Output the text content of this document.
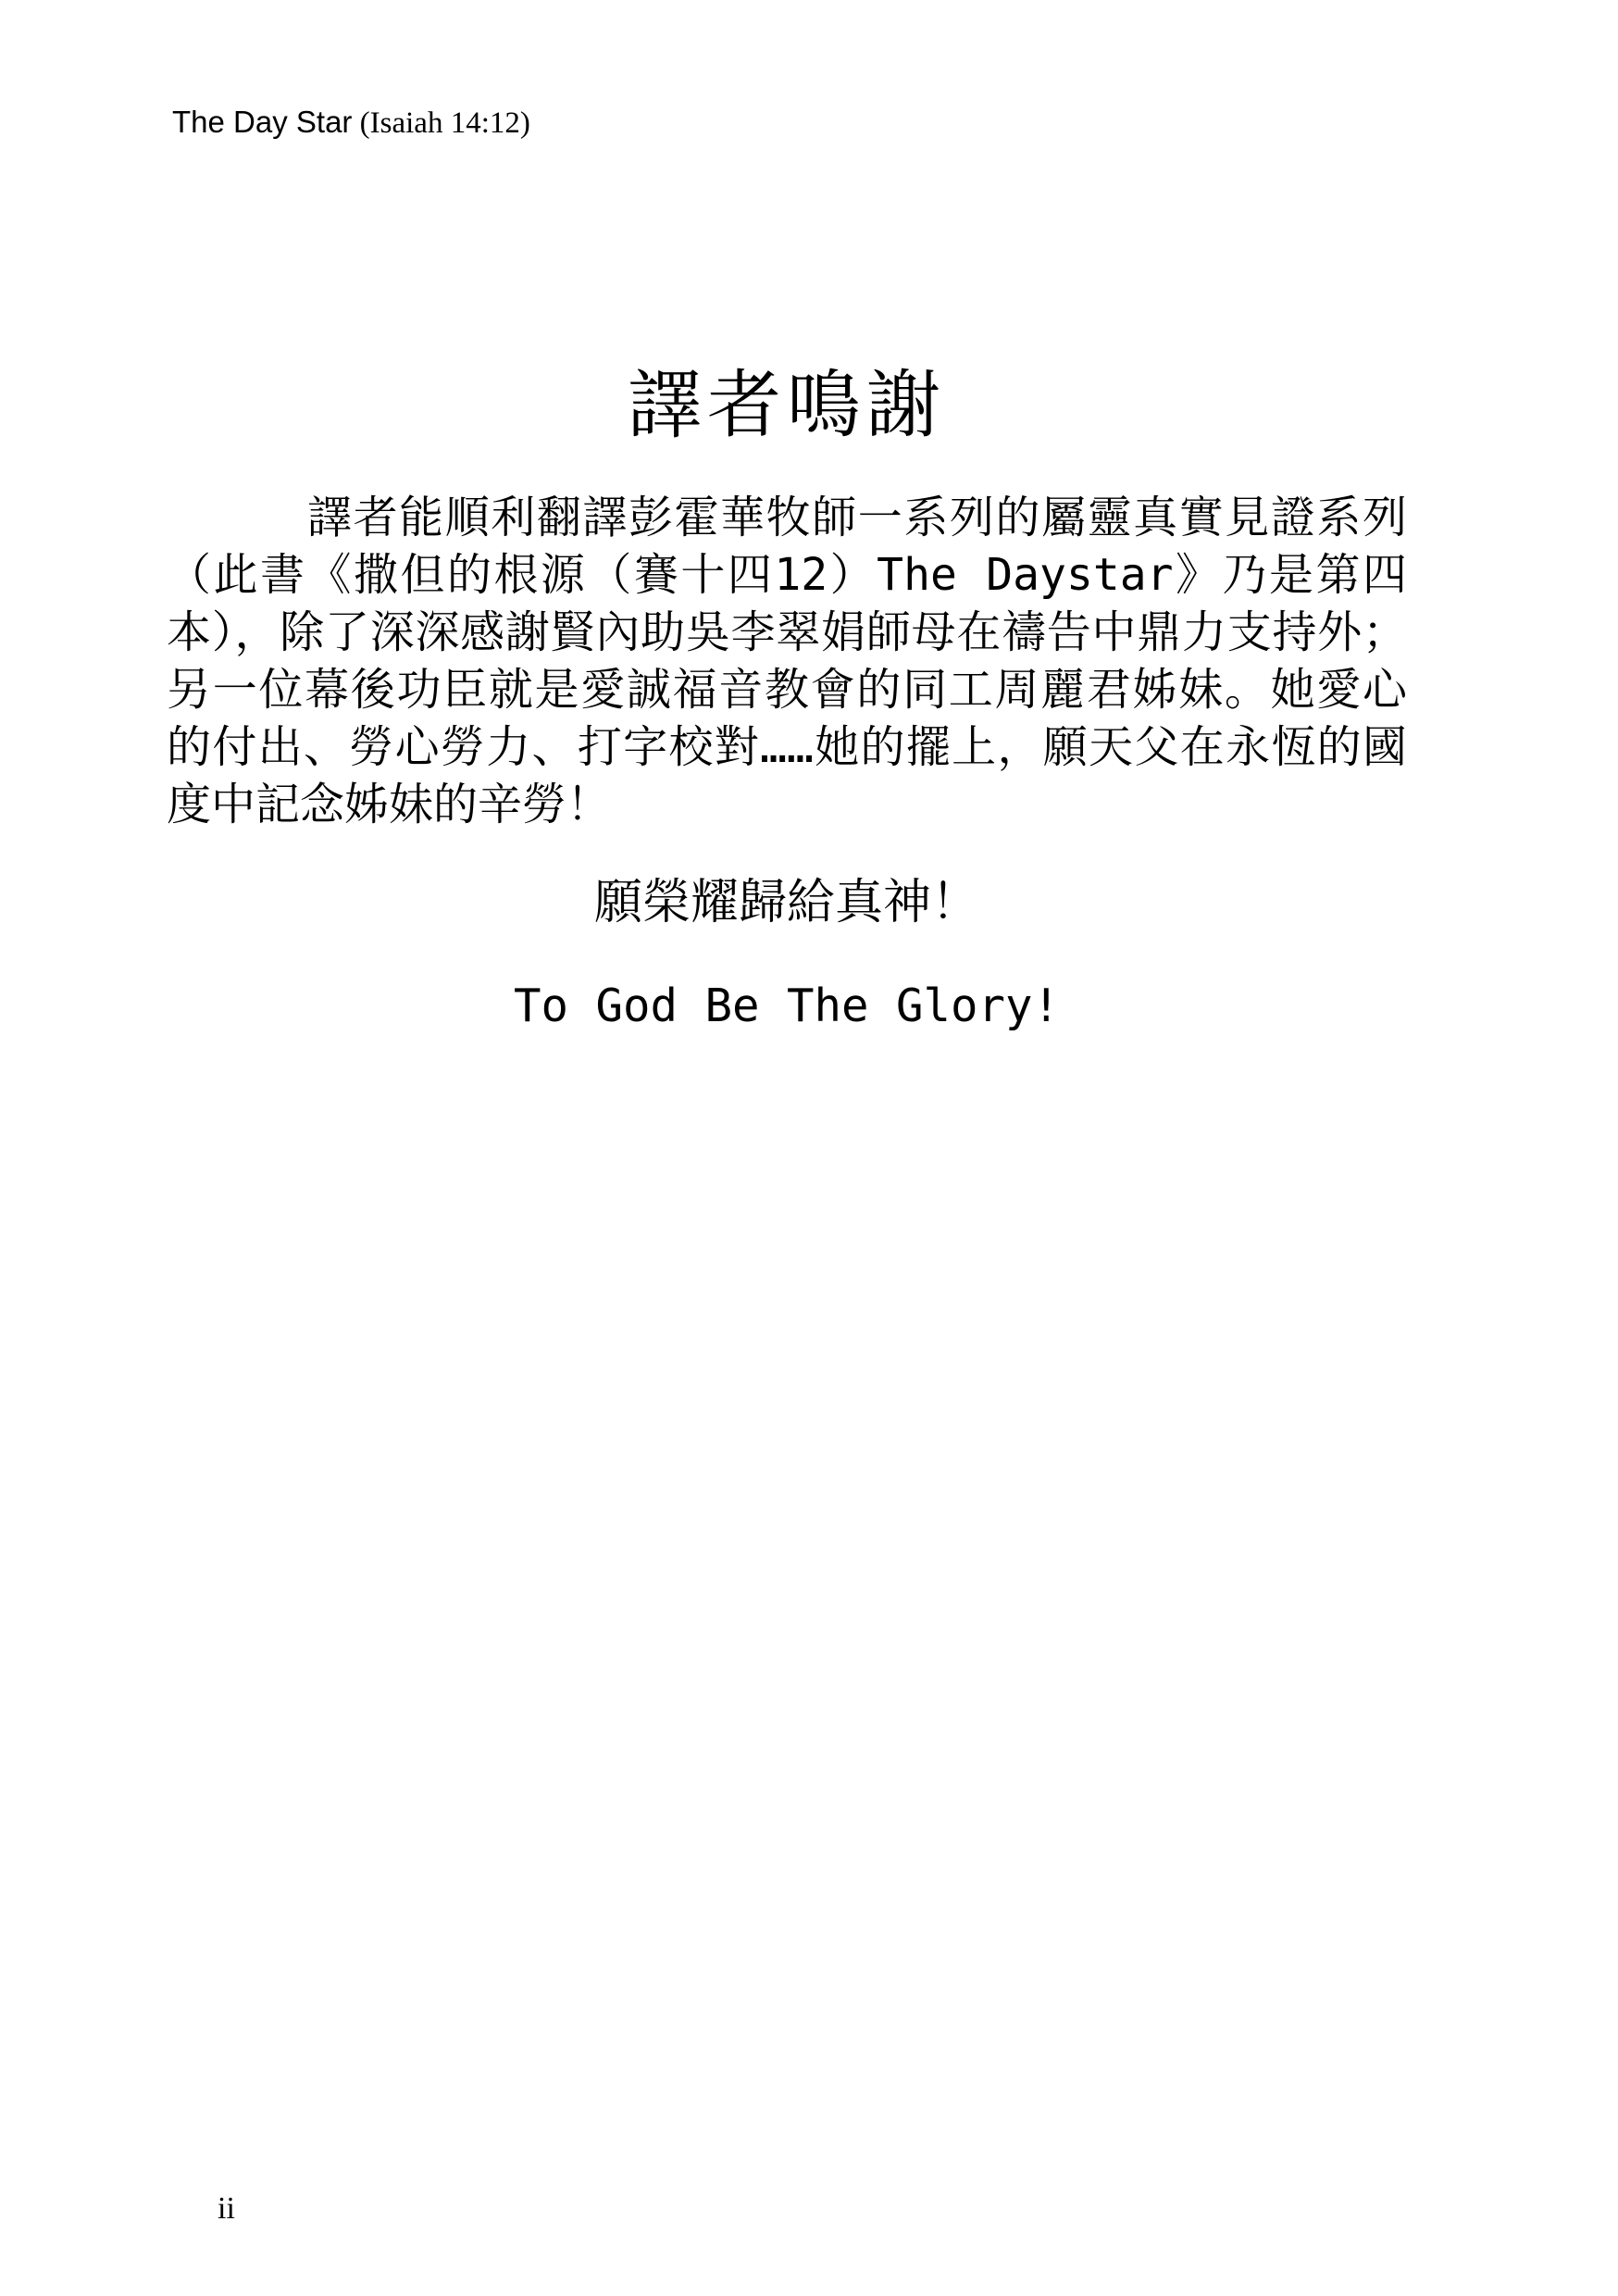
The Day Star (Isaiah 14:12)
譯者鳴謝

譯者能順利翻譯彭霍華牧師一系列的屬靈真實見證系列（此書《撒但的根源（賽十四12）The Daystar》乃是第四本），除了深深感謝賢內助吳李翠娟師母在禱告中鼎力支持外；另一位幕後功臣就是愛誠福音教會的同工周麗君姊妹。她愛心的付出、勞心勞力、打字校對……她的擺上，願天父在永恆的國度中記念姊妹的辛勞！

願榮耀歸給真神！
To God Be The Glory!
ii
